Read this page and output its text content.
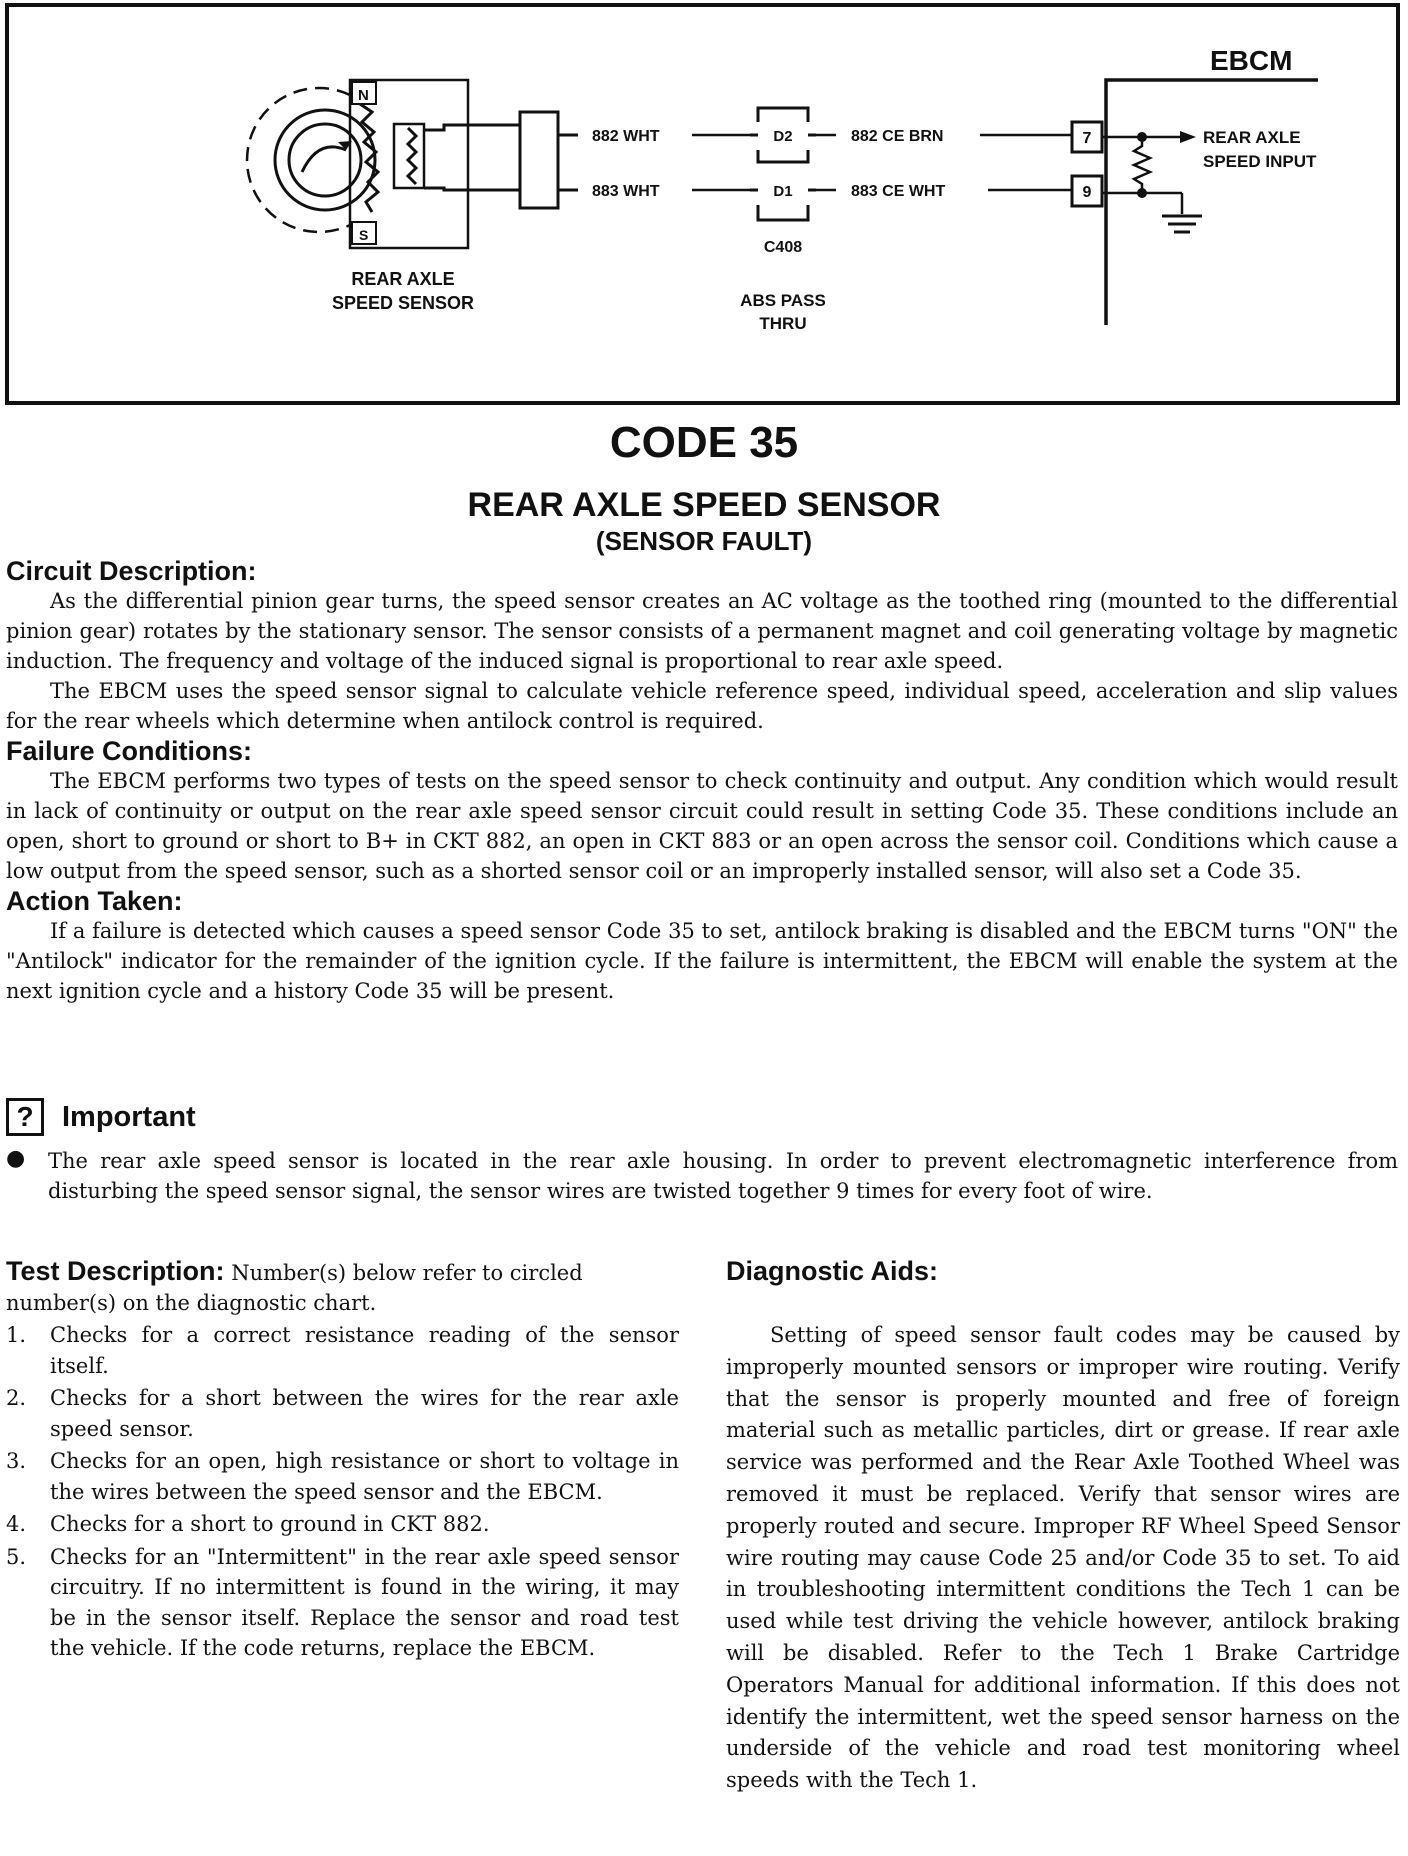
N
S
REAR AXLE
SPEED SENSOR
882 WHT
883 WHT
D2
D1
C408
ABS PASS
THRU
882 CE BRN
883 CE WHT
EBCM
7
9
REAR AXLE
SPEED INPUT
CODE 35
REAR AXLE SPEED SENSOR
(SENSOR FAULT)
Circuit Description:

As the differential pinion gear turns, the speed sensor creates an AC voltage as the toothed ring (mounted to the differential pinion gear) rotates by the stationary sensor. The sensor consists of a permanent magnet and coil generating voltage by magnetic induction. The frequency and voltage of the induced signal is proportional to rear axle speed.

The EBCM uses the speed sensor signal to calculate vehicle reference speed, individual speed, acceleration and slip values for the rear wheels which determine when antilock control is required.

Failure Conditions:

The EBCM performs two types of tests on the speed sensor to check continuity and output. Any condition which would result in lack of continuity or output on the rear axle speed sensor circuit could result in setting Code 35. These conditions include an open, short to ground or short to B+ in CKT 882, an open in CKT 883 or an open across the sensor coil. Conditions which cause a low output from the speed sensor, such as a shorted sensor coil or an improperly installed sensor, will also set a Code 35.

Action Taken:

If a failure is detected which causes a speed sensor Code 35 to set, antilock braking is disabled and the EBCM turns "ON" the "Antilock" indicator for the remainder of the ignition cycle. If the failure is intermittent, the EBCM will enable the system at the next ignition cycle and a history Code 35 will be present.

? Important
●	The rear axle speed sensor is located in the rear axle housing. In order to prevent electromagnetic interference from disturbing the speed sensor signal, the sensor wires are twisted together 9 times for every foot of wire.

Test Description: Number(s) below refer to circled number(s) on the diagnostic chart.

1.	Checks for a correct resistance reading of the sensor itself.
2.	Checks for a short between the wires for the rear axle speed sensor.
3.	Checks for an open, high resistance or short to voltage in the wires between the speed sensor and the EBCM.
4.	Checks for a short to ground in CKT 882.
5.	Checks for an "Intermittent" in the rear axle speed sensor circuitry. If no intermittent is found in the wiring, it may be in the sensor itself. Replace the sensor and road test the vehicle. If the code returns, replace the EBCM.
Diagnostic Aids:

Setting of speed sensor fault codes may be caused by improperly mounted sensors or improper wire routing. Verify that the sensor is properly mounted and free of foreign material such as metallic particles, dirt or grease. If rear axle service was performed and the Rear Axle Toothed Wheel was removed it must be replaced. Verify that sensor wires are properly routed and secure. Improper RF Wheel Speed Sensor wire routing may cause Code 25 and/or Code 35 to set. To aid in troubleshooting intermittent conditions the Tech 1 can be used while test driving the vehicle however, antilock braking will be disabled. Refer to the Tech 1 Brake Cartridge Operators Manual for additional information. If this does not identify the intermittent, wet the speed sensor harness on the underside of the vehicle and road test monitoring wheel speeds with the Tech 1.
